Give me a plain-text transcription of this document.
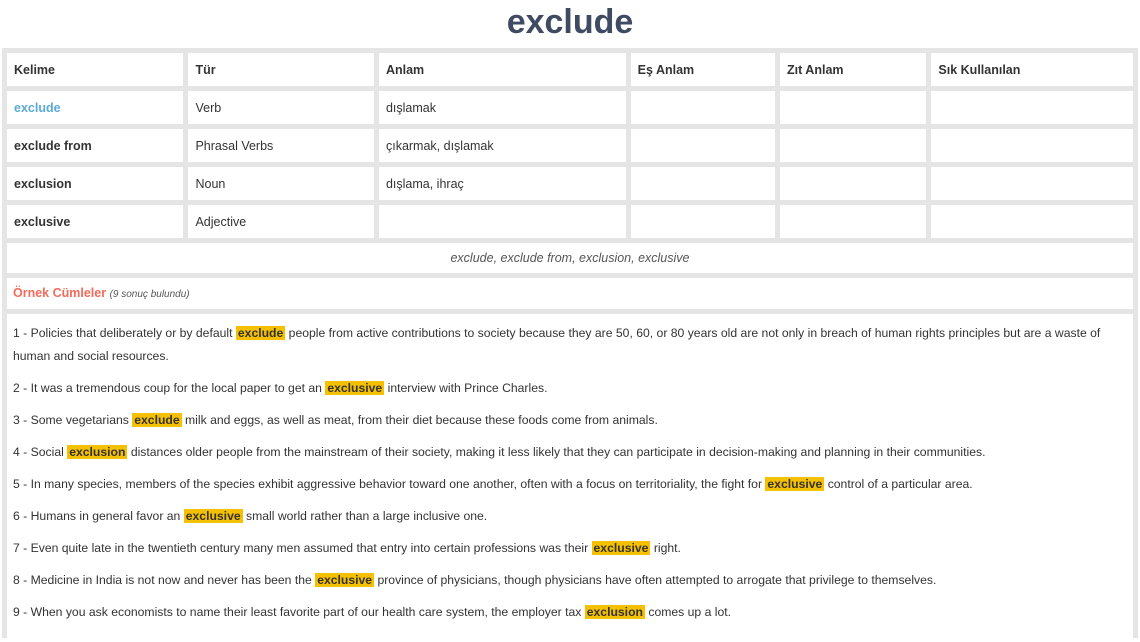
exclude
Kelime	Tür	Anlam	Eş Anlam	Zıt Anlam	Sık Kullanılan
exclude	Verb	dışlamak			
exclude from	Phrasal Verbs	çıkarmak, dışlamak			
exclusion	Noun	dışlama, ihraç			
exclusive	Adjective				
exclude, exclude from, exclusion, exclusive
Örnek Cümleler (9 sonuç bulundu)

1 - Policies that deliberately or by default exclude people from active contributions to society because they are 50, 60, or 80 years old are not only in breach of human rights principles but are a waste of human and social resources.

2 - It was a tremendous coup for the local paper to get an exclusive interview with Prince Charles.

3 - Some vegetarians exclude milk and eggs, as well as meat, from their diet because these foods come from animals.

4 - Social exclusion distances older people from the mainstream of their society, making it less likely that they can participate in decision-making and planning in their communities.

5 - In many species, members of the species exhibit aggressive behavior toward one another, often with a focus on territoriality, the fight for exclusive control of a particular area.

6 - Humans in general favor an exclusive small world rather than a large inclusive one.

7 - Even quite late in the twentieth century many men assumed that entry into certain professions was their exclusive right.

8 - Medicine in India is not now and never has been the exclusive province of physicians, though physicians have often attempted to arrogate that privilege to themselves.

9 - When you ask economists to name their least favorite part of our health care system, the employer tax exclusion comes up a lot.
